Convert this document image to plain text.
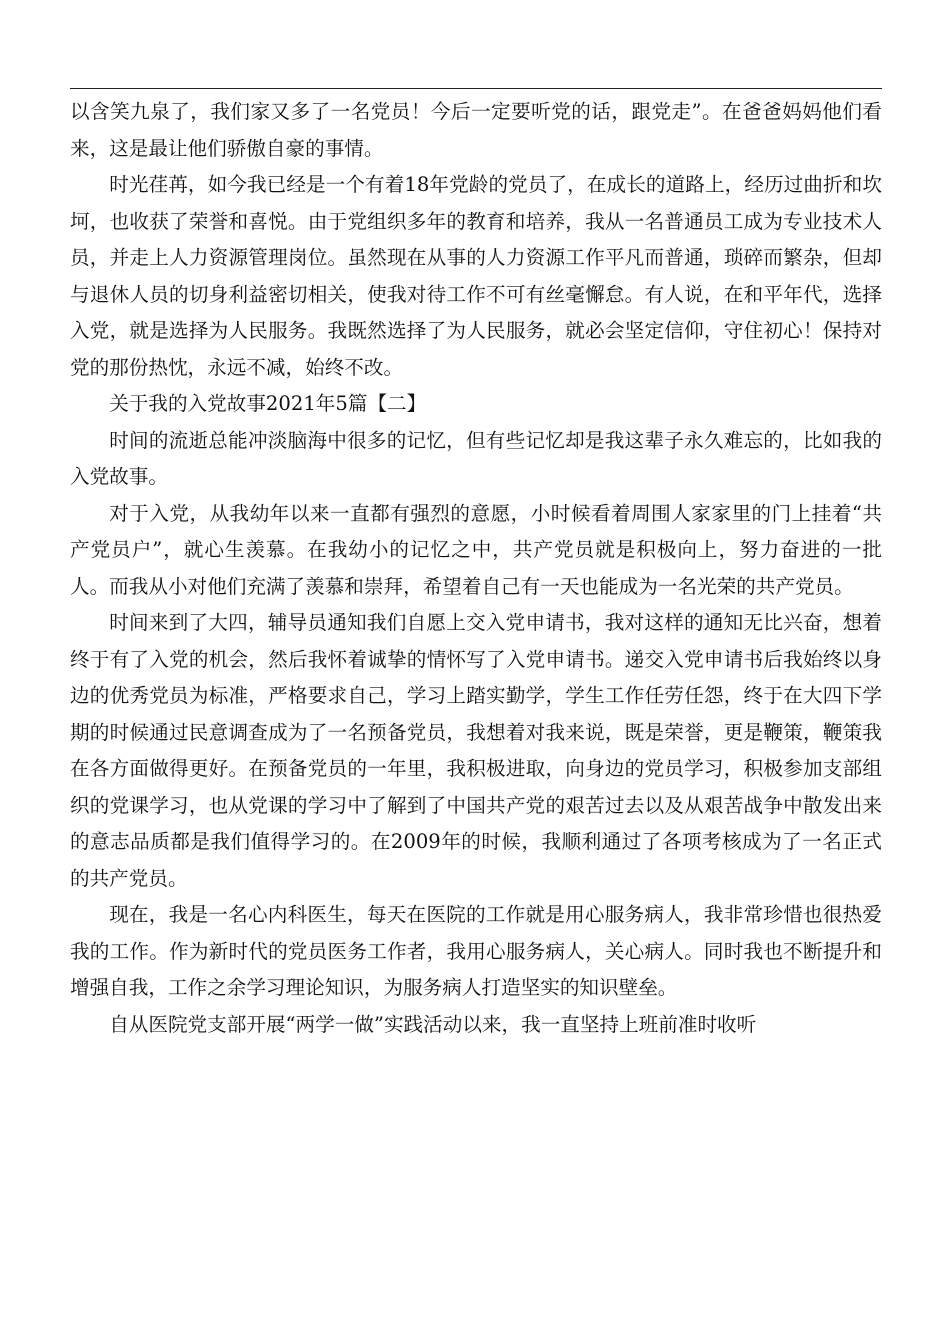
以含笑九泉了，我们家又多了一名党员！今后一定要听党的话，跟党走”。在爸爸妈妈他们看来，这是最让他们骄傲自豪的事情。

时光荏苒，如今我已经是一个有着18年党龄的党员了，在成长的道路上，经历过曲折和坎坷，也收获了荣誉和喜悦。由于党组织多年的教育和培养，我从一名普通员工成为专业技术人员，并走上人力资源管理岗位。虽然现在从事的人力资源工作平凡而普通，琐碎而繁杂，但却与退休人员的切身利益密切相关，使我对待工作不可有丝毫懈怠。有人说，在和平年代，选择入党，就是选择为人民服务。我既然选择了为人民服务，就必会坚定信仰，守住初心！保持对党的那份热忱，永远不减，始终不改。

关于我的入党故事2021年5篇【二】

时间的流逝总能冲淡脑海中很多的记忆，但有些记忆却是我这辈子永久难忘的，比如我的入党故事。

对于入党，从我幼年以来一直都有强烈的意愿，小时候看着周围人家家里的门上挂着“共产党员户”，就心生羡慕。在我幼小的记忆之中，共产党员就是积极向上，努力奋进的一批人。而我从小对他们充满了羡慕和崇拜，希望着自己有一天也能成为一名光荣的共产党员。

时间来到了大四，辅导员通知我们自愿上交入党申请书，我对这样的通知无比兴奋，想着终于有了入党的机会，然后我怀着诚挚的情怀写了入党申请书。递交入党申请书后我始终以身边的优秀党员为标准，严格要求自己，学习上踏实勤学，学生工作任劳任怨，终于在大四下学期的时候通过民意调查成为了一名预备党员，我想着对我来说，既是荣誉，更是鞭策，鞭策我在各方面做得更好。在预备党员的一年里，我积极进取，向身边的党员学习，积极参加支部组织的党课学习，也从党课的学习中了解到了中国共产党的艰苦过去以及从艰苦战争中散发出来的意志品质都是我们值得学习的。在2009年的时候，我顺利通过了各项考核成为了一名正式的共产党员。

现在，我是一名心内科医生，每天在医院的工作就是用心服务病人，我非常珍惜也很热爱我的工作。作为新时代的党员医务工作者，我用心服务病人，关心病人。同时我也不断提升和增强自我，工作之余学习理论知识，为服务病人打造坚实的知识壁垒。

自从医院党支部开展“两学一做”实践活动以来，我一直坚持上班前准时收听
